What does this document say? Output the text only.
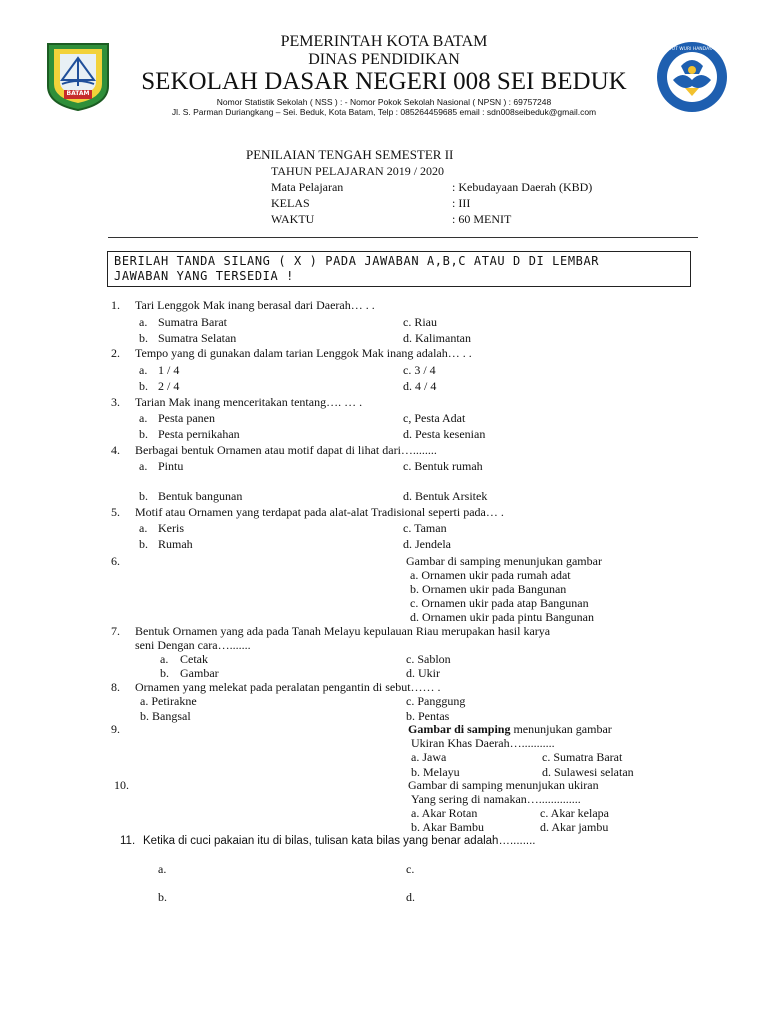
BATAM
TUT WURI HANDAYANI
PEMERINTAH KOTA BATAM
DINAS PENDIDIKAN
SEKOLAH DASAR NEGERI 008 SEI BEDUK
Nomor Statistik Sekolah ( NSS ) : - Nomor Pokok Sekolah Nasional ( NPSN ) : 69757248
Jl. S. Parman Duriangkang – Sei. Beduk, Kota Batam, Telp : 085264459685 email : sdn008seibeduk@gmail.com
PENILAIAN TENGAH SEMESTER II
TAHUN PELAJARAN 2019 / 2020
Mata Pelajaran	: Kebudayaan Daerah (KBD)
KELAS	: III
WAKTU	: 60 MENIT
BERILAH TANDA SILANG ( X ) PADA JAWABAN A,B,C ATAU D DI LEMBAR
JAWABAN YANG TERSEDIA !
1. Tari Lenggok Mak inang berasal dari Daerah… . .
a. Sumatra Barat	c. Riau
b. Sumatra Selatan	d. Kalimantan
2. Tempo yang di gunakan dalam tarian Lenggok Mak inang adalah… . .
a. 1 / 4	c. 3 / 4
b. 2 / 4	d. 4 / 4
3. Tarian Mak inang menceritakan tentang…. … .
a. Pesta panen	c, Pesta Adat
b. Pesta pernikahan	d. Pesta kesenian
4. Berbagai bentuk Ornamen atau motif dapat di lihat dari…........
a. Pintu	c. Bentuk rumah
b. Bentuk bangunan	d. Bentuk Arsitek
5. Motif atau Ornamen yang terdapat pada alat-alat Tradisional seperti pada… .
a. Keris	c. Taman
b. Rumah	d. Jendela
6.	Gambar di samping menunjukan gambar
a. Ornamen ukir pada rumah adat
b. Ornamen ukir pada Bangunan
c. Ornamen ukir pada atap Bangunan
d. Ornamen ukir pada pintu Bangunan
7. Bentuk Ornamen yang ada pada Tanah Melayu kepulauan Riau merupakan hasil karya
seni Dengan cara….......
a. Cetak	c. Sablon
b. Gambar	d. Ukir
8. Ornamen yang melekat pada peralatan pengantin di sebut…… .
a. Petirakne	c. Panggung
b. Bangsal	b. Pentas
9.	Gambar di samping menunjukan gambar
Ukiran Khas Daerah…...........
a. Jawa	c. Sumatra Barat
b. Melayu	d. Sulawesi selatan
10.	Gambar di samping menunjukan ukiran
Yang sering di namakan…..............
a. Akar Rotan	c. Akar kelapa
b. Akar Bambu	d. Akar jambu
11. Ketika di cuci pakaian itu di bilas, tulisan kata bilas yang benar adalah…........
a.	c.
b.	d.
